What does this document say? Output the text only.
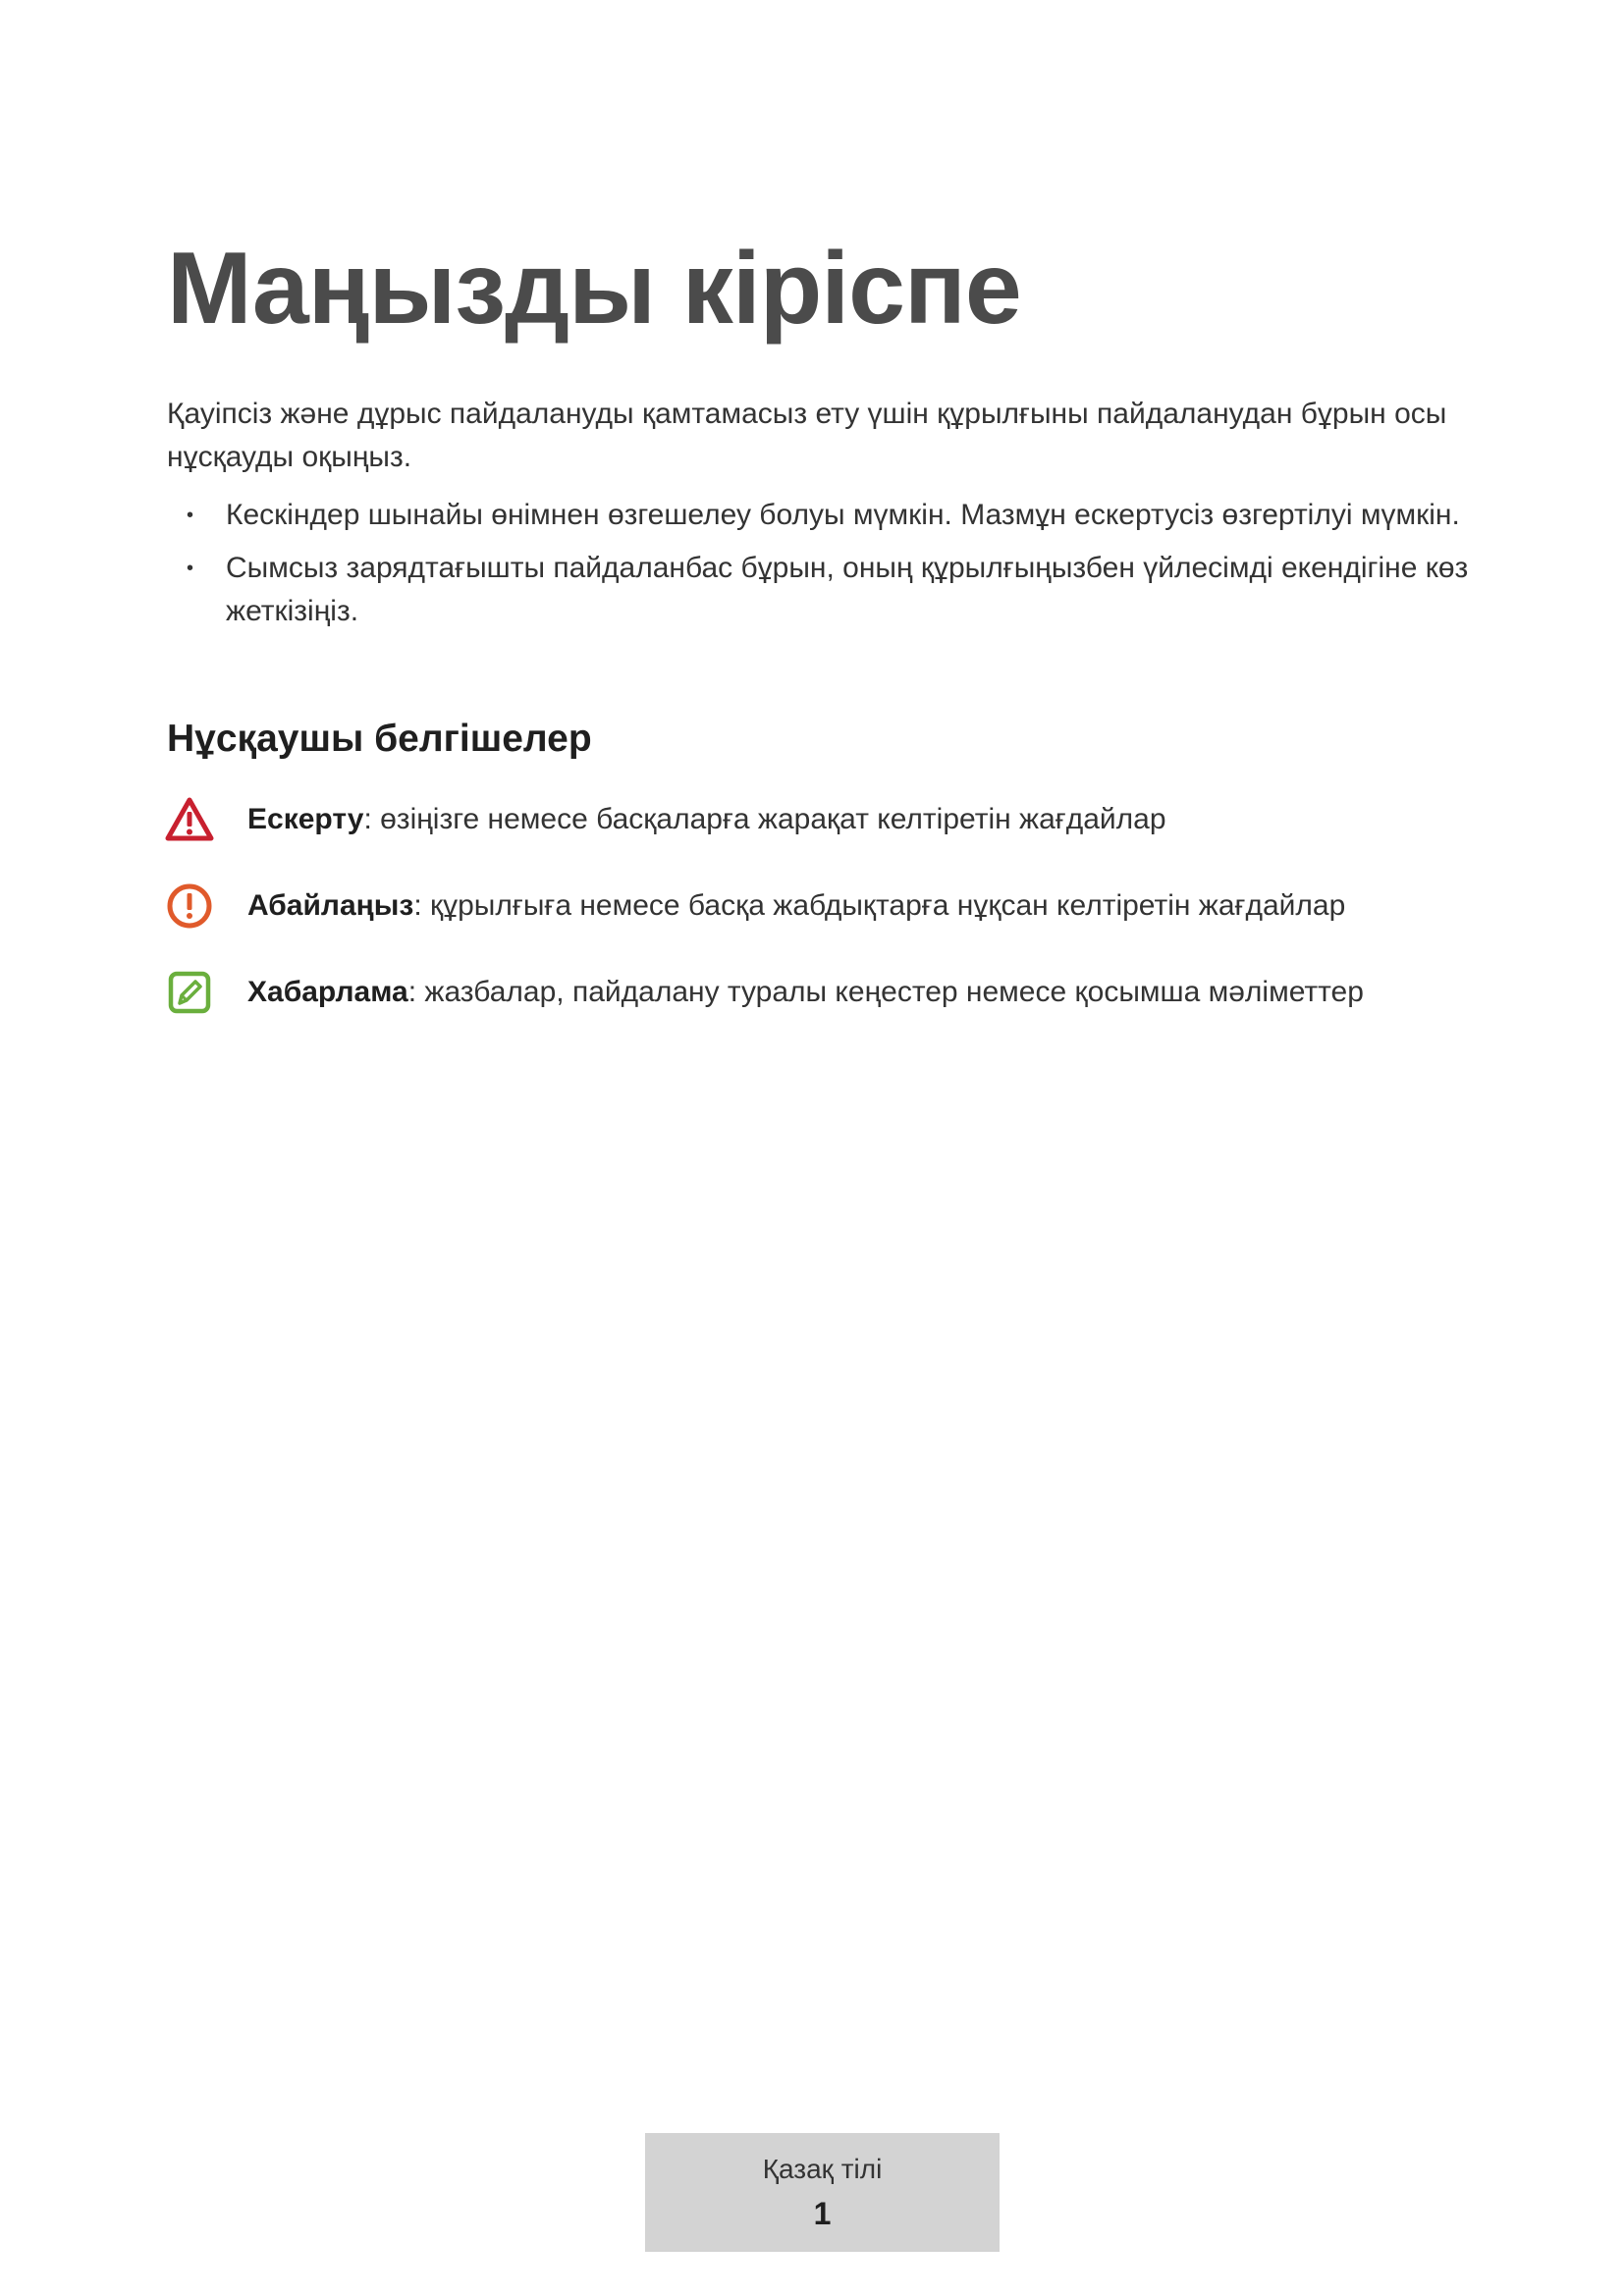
Маңызды кіріспе

Қауіпсіз және дұрыс пайдалануды қамтамасыз ету үшін құрылғыны пайдаланудан бұрын осы нұсқауды оқыңыз.

• Кескіндер шынайы өнімнен өзгешелеу болуы мүмкін. Мазмұн ескертусіз өзгертілуі мүмкін.
• Сымсыз зарядтағышты пайдаланбас бұрын, оның құрылғыңызбен үйлесімді екендігіне көз жеткізіңіз.
Нұсқаушы белгішелер
Ескерту: өзіңізге немесе басқаларға жарақат келтіретін жағдайлар
Абайлаңыз: құрылғыға немесе басқа жабдықтарға нұқсан келтіретін жағдайлар
Хабарлама: жазбалар, пайдалану туралы кеңестер немесе қосымша мәліметтер
Қазақ тілі
1
